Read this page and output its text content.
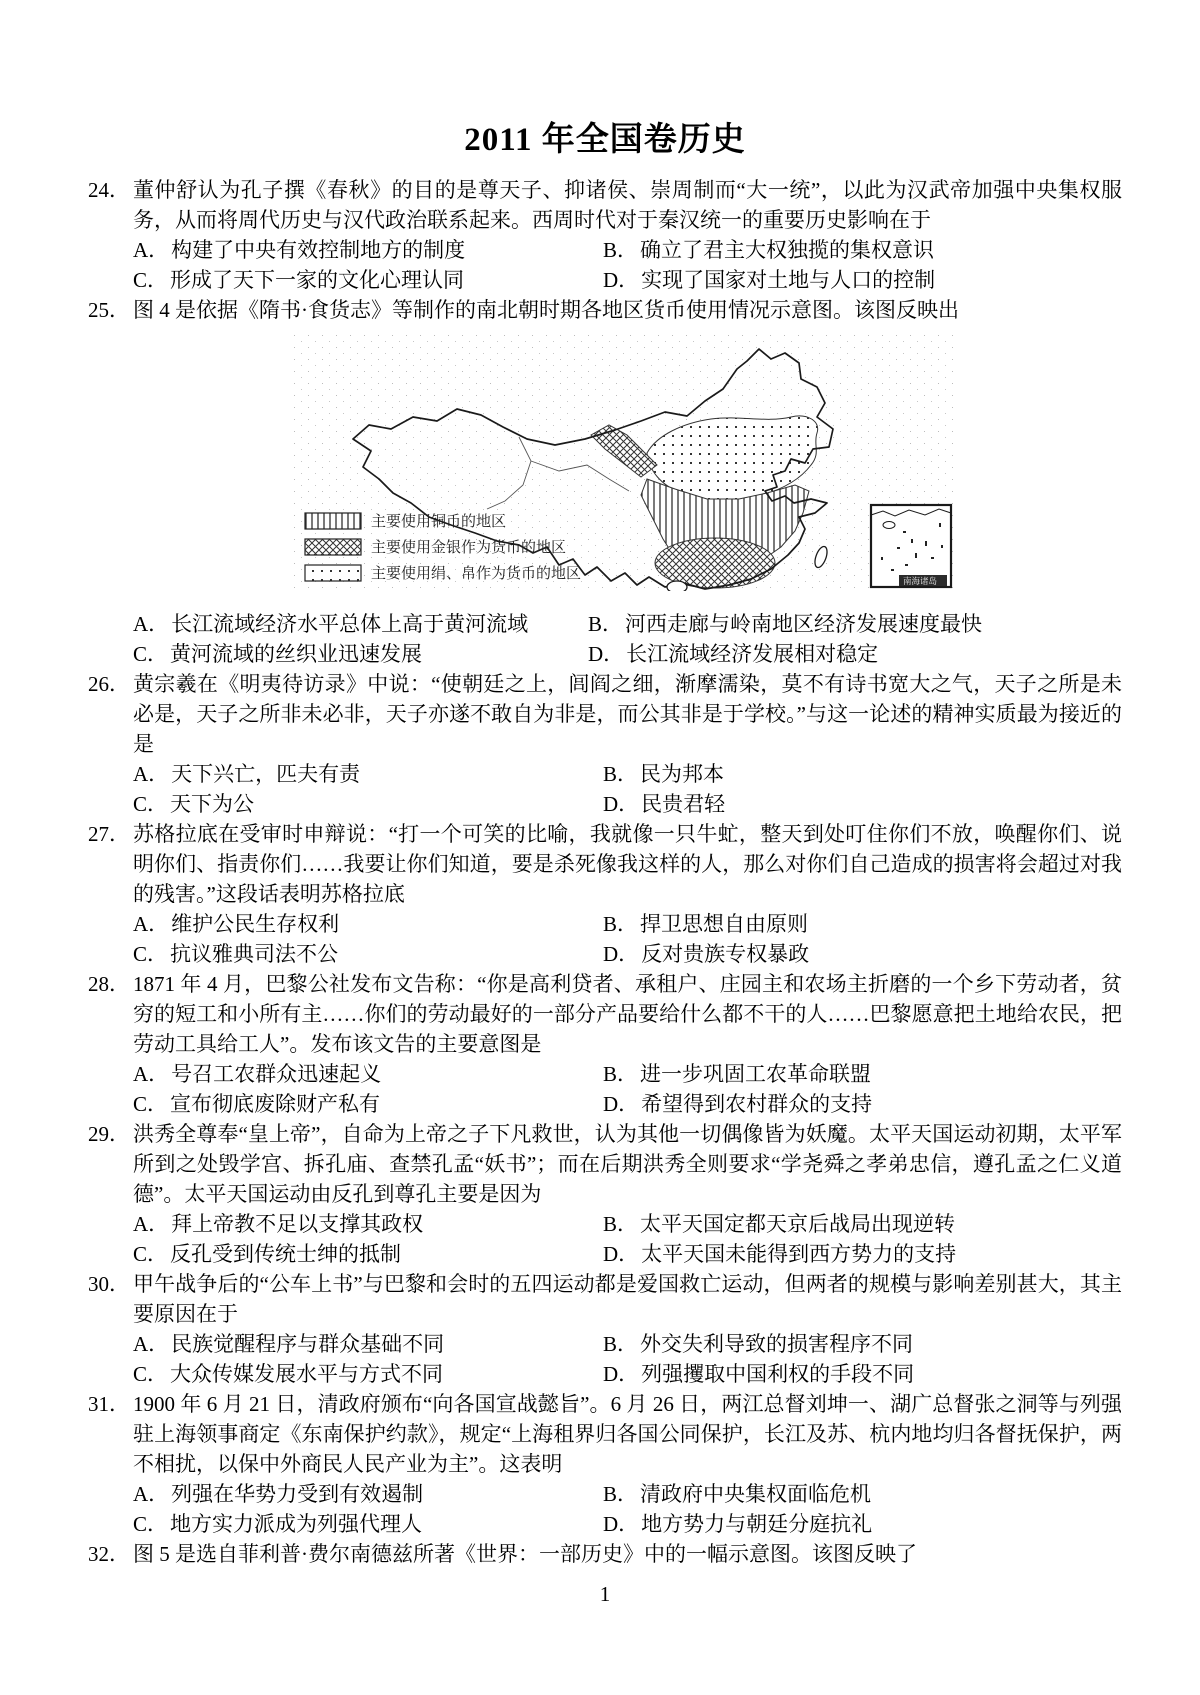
2011 年全国卷历史
24． 董仲舒认为孔子撰《春秋》的目的是尊天子、抑诸侯、崇周制而“大一统”，以此为汉武帝加强中央集权服务，从而将周代历史与汉代政治联系起来。西周时代对于秦汉统一的重要历史影响在于
A．构建了中央有效控制地方的制度	B．确立了君主大权独揽的集权意识
C．形成了天下一家的文化心理认同	D．实现了国家对土地与人口的控制
25． 图 4 是依据《隋书·食货志》等制作的南北朝时期各地区货币使用情况示意图。该图反映出
主要使用铜币的地区
主要使用金银作为货币的地区
主要使用绢、帛作为货币的地区	南海诸岛
A．长江流域经济水平总体上高于黄河流域	B．河西走廊与岭南地区经济发展速度最快
C．黄河流域的丝织业迅速发展	D．长江流域经济发展相对稳定
26． 黄宗羲在《明夷待访录》中说：“使朝廷之上，闾阎之细，渐摩濡染，莫不有诗书宽大之气，天子之所是未必是，天子之所非未必非，天子亦遂不敢自为非是，而公其非是于学校。”与这一论述的精神实质最为接近的是
A．天下兴亡，匹夫有责	B．民为邦本
C．天下为公	D．民贵君轻
27． 苏格拉底在受审时申辩说：“打一个可笑的比喻，我就像一只牛虻，整天到处叮住你们不放，唤醒你们、说明你们、指责你们……我要让你们知道，要是杀死像我这样的人，那么对你们自己造成的损害将会超过对我的残害。”这段话表明苏格拉底
A．维护公民生存权利	B．捍卫思想自由原则
C．抗议雅典司法不公	D．反对贵族专权暴政
28． 1871 年 4 月，巴黎公社发布文告称：“你是高利贷者、承租户、庄园主和农场主折磨的一个乡下劳动者，贫穷的短工和小所有主……你们的劳动最好的一部分产品要给什么都不干的人……巴黎愿意把土地给农民，把劳动工具给工人”。发布该文告的主要意图是
A．号召工农群众迅速起义	B．进一步巩固工农革命联盟
C．宣布彻底废除财产私有	D．希望得到农村群众的支持
29． 洪秀全尊奉“皇上帝”，自命为上帝之子下凡救世，认为其他一切偶像皆为妖魔。太平天国运动初期，太平军所到之处毁学宫、拆孔庙、查禁孔孟“妖书”；而在后期洪秀全则要求“学尧舜之孝弟忠信，遵孔孟之仁义道德”。太平天国运动由反孔到尊孔主要是因为
A．拜上帝教不足以支撑其政权	B．太平天国定都天京后战局出现逆转
C．反孔受到传统士绅的抵制	D．太平天国未能得到西方势力的支持
30． 甲午战争后的“公车上书”与巴黎和会时的五四运动都是爱国救亡运动，但两者的规模与影响差别甚大，其主要原因在于
A．民族觉醒程序与群众基础不同	B．外交失利导致的损害程序不同
C．大众传媒发展水平与方式不同	D．列强攫取中国利权的手段不同
31． 1900 年 6 月 21 日，清政府颁布“向各国宣战懿旨”。6 月 26 日，两江总督刘坤一、湖广总督张之洞等与列强驻上海领事商定《东南保护约款》，规定“上海租界归各国公同保护，长江及苏、杭内地均归各督抚保护，两不相扰，以保中外商民人民产业为主”。这表明
A．列强在华势力受到有效遏制	B．清政府中央集权面临危机
C．地方实力派成为列强代理人	D．地方势力与朝廷分庭抗礼
32． 图 5 是选自菲利普·费尔南德兹所著《世界：一部历史》中的一幅示意图。该图反映了
1
